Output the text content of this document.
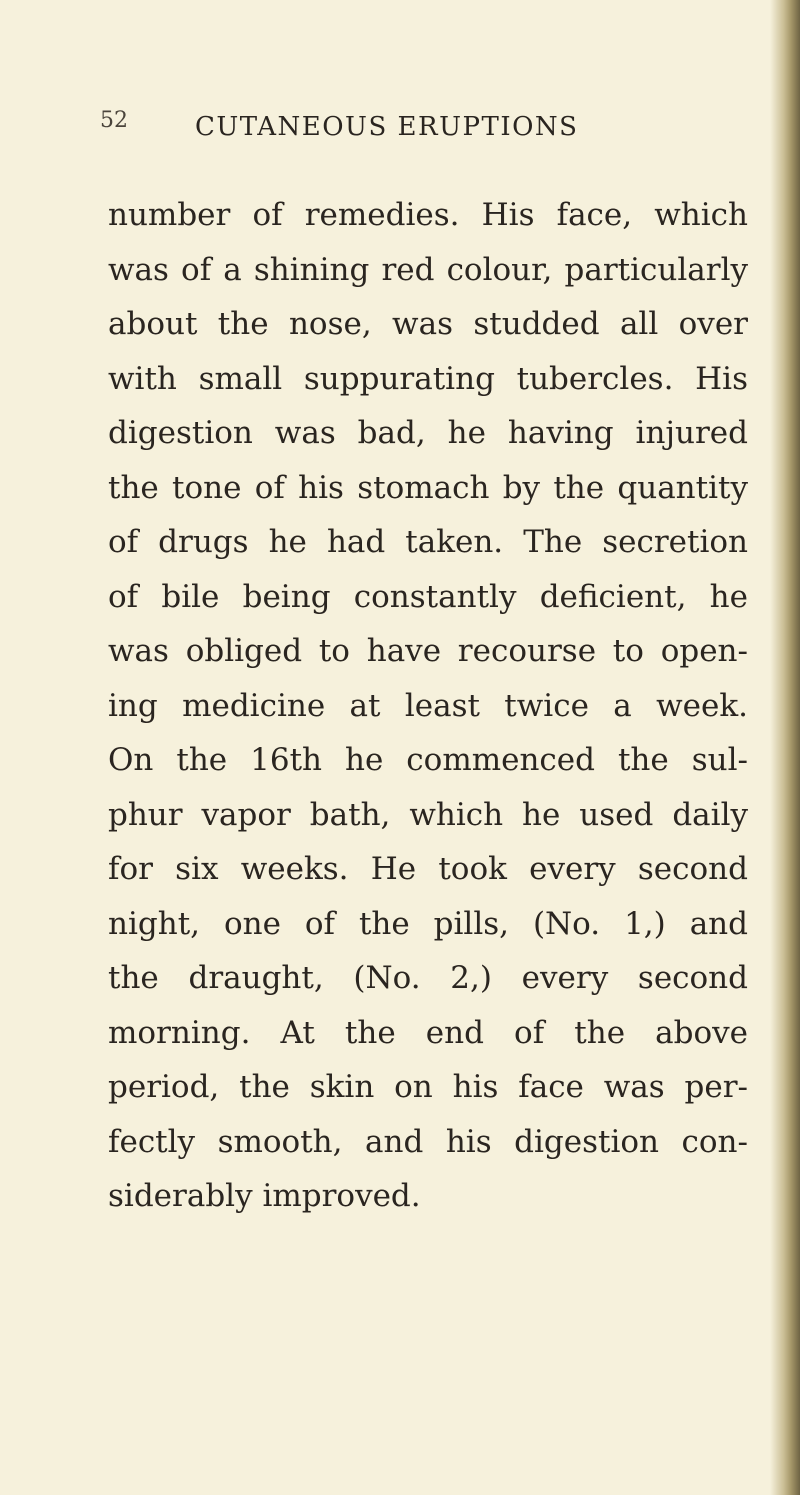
52	CUTANEOUS ERUPTIONS
number of remedies. His face, which
was of a shining red colour, particularly
about the nose, was studded all over
with small suppurating tubercles. His
digestion was bad, he having injured
the tone of his stomach by the quantity
of drugs he had taken. The secretion
of bile being constantly deficient, he
was obliged to have recourse to open-
ing medicine at least twice a week.
On the 16th he commenced the sul-
phur vapor bath, which he used daily
for six weeks. He took every second
night, one of the pills, (No. 1,) and
the draught, (No. 2,) every second
morning. At the end of the above
period, the skin on his face was per-
fectly smooth, and his digestion con-
siderably improved.
